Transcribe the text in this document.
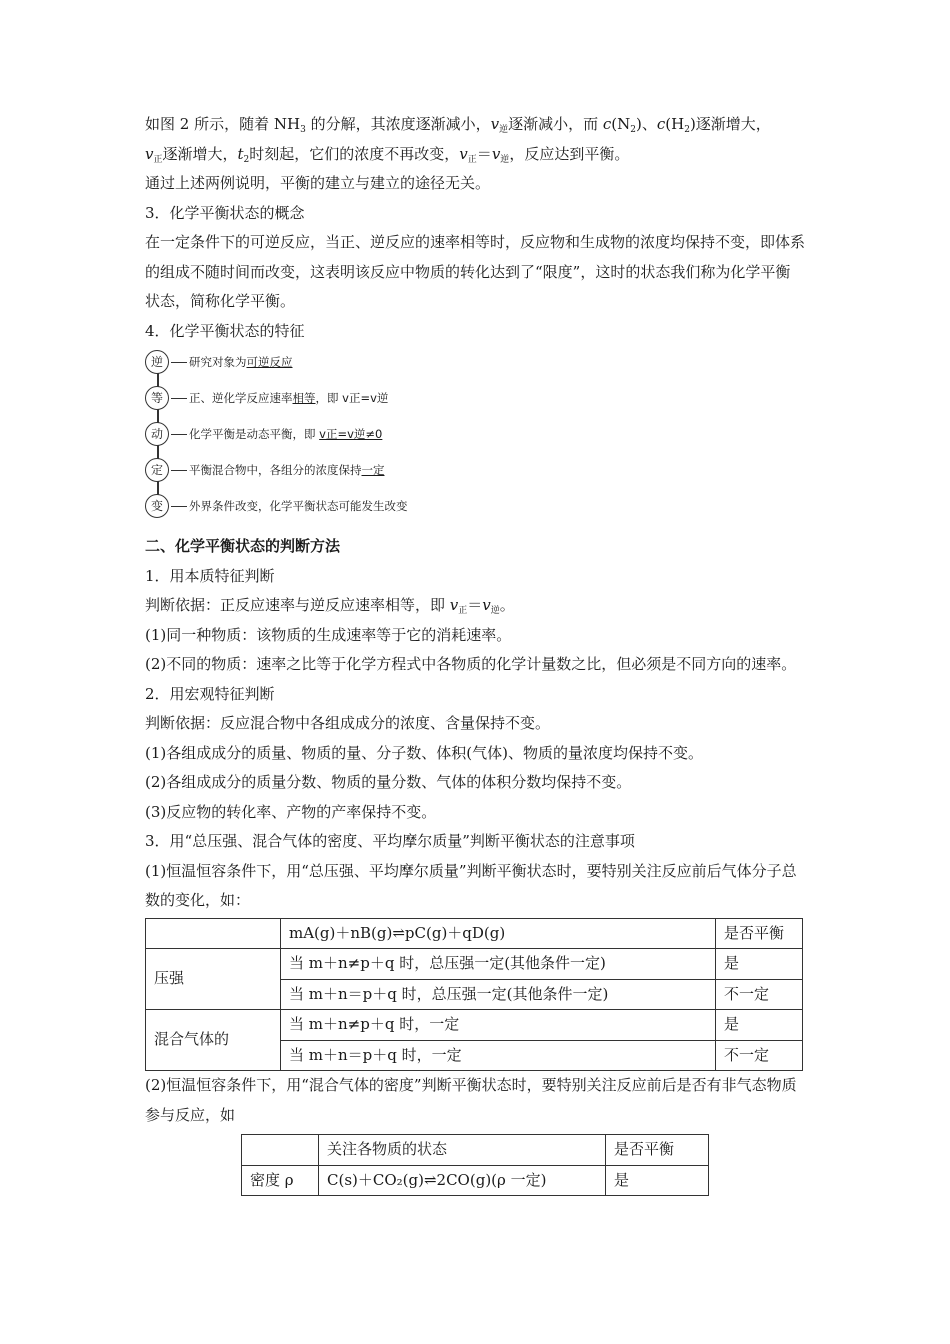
如图 2 所示，随着 $NH_3$ 的分解，其浓度逐渐减小，$v_逆$逐渐减小，而 $c(N_2)$、$c(H_2)$逐渐增大，

$v_正$逐渐增大，$t_2$时刻起，它们的浓度不再改变，$v_正=v_逆$，反应达到平衡。

通过上述两例说明，平衡的建立与建立的途径无关。

3．化学平衡状态的概念

在一定条件下的可逆反应，当正、逆反应的速率相等时，反应物和生成物的浓度均保持不变，即体系的组成不随时间而改变，这表明该反应中物质的转化达到了“限度”，这时的状态我们称为化学平衡状态，简称化学平衡。

4．化学平衡状态的特征

逆	研究对象为可逆反应
等	正、逆化学反应速率相等，即 v正=v逆
动	化学平衡是动态平衡，即 v正=v逆≠0
定	平衡混合物中，各组分的浓度保持一定
变	外界条件改变，化学平衡状态可能发生改变

二、化学平衡状态的判断方法

1．用本质特征判断

判断依据：正反应速率与逆反应速率相等，即 $v_正=v_逆$。

(1)同一种物质：该物质的生成速率等于它的消耗速率。

(2)不同的物质：速率之比等于化学方程式中各物质的化学计量数之比，但必须是不同方向的速率。

2．用宏观特征判断

判断依据：反应混合物中各组成成分的浓度、含量保持不变。

(1)各组成成分的质量、物质的量、分子数、体积(气体)、物质的量浓度均保持不变。

(2)各组成成分的质量分数、物质的量分数、气体的体积分数均保持不变。

(3)反应物的转化率、产物的产率保持不变。

3．用“总压强、混合气体的密度、平均摩尔质量”判断平衡状态的注意事项

(1)恒温恒容条件下，用“总压强、平均摩尔质量”判断平衡状态时，要特别关注反应前后气体分子总数的变化，如：

	mA(g)＋nB(g)⇌pC(g)＋qD(g)	是否平衡
压强	当 m＋n≠p＋q 时，总压强一定(其他条件一定)	是
	当 m＋n＝p＋q 时，总压强一定(其他条件一定)	不一定
混合气体的	当 m＋n≠p＋q 时，一定	是
	当 m＋n＝p＋q 时，一定	不一定

(2)恒温恒容条件下，用“混合气体的密度”判断平衡状态时，要特别关注反应前后是否有非气态物质参与反应，如

	关注各物质的状态	是否平衡
密度 ρ	C(s)＋CO₂(g)⇌2CO(g)(ρ 一定)	是
